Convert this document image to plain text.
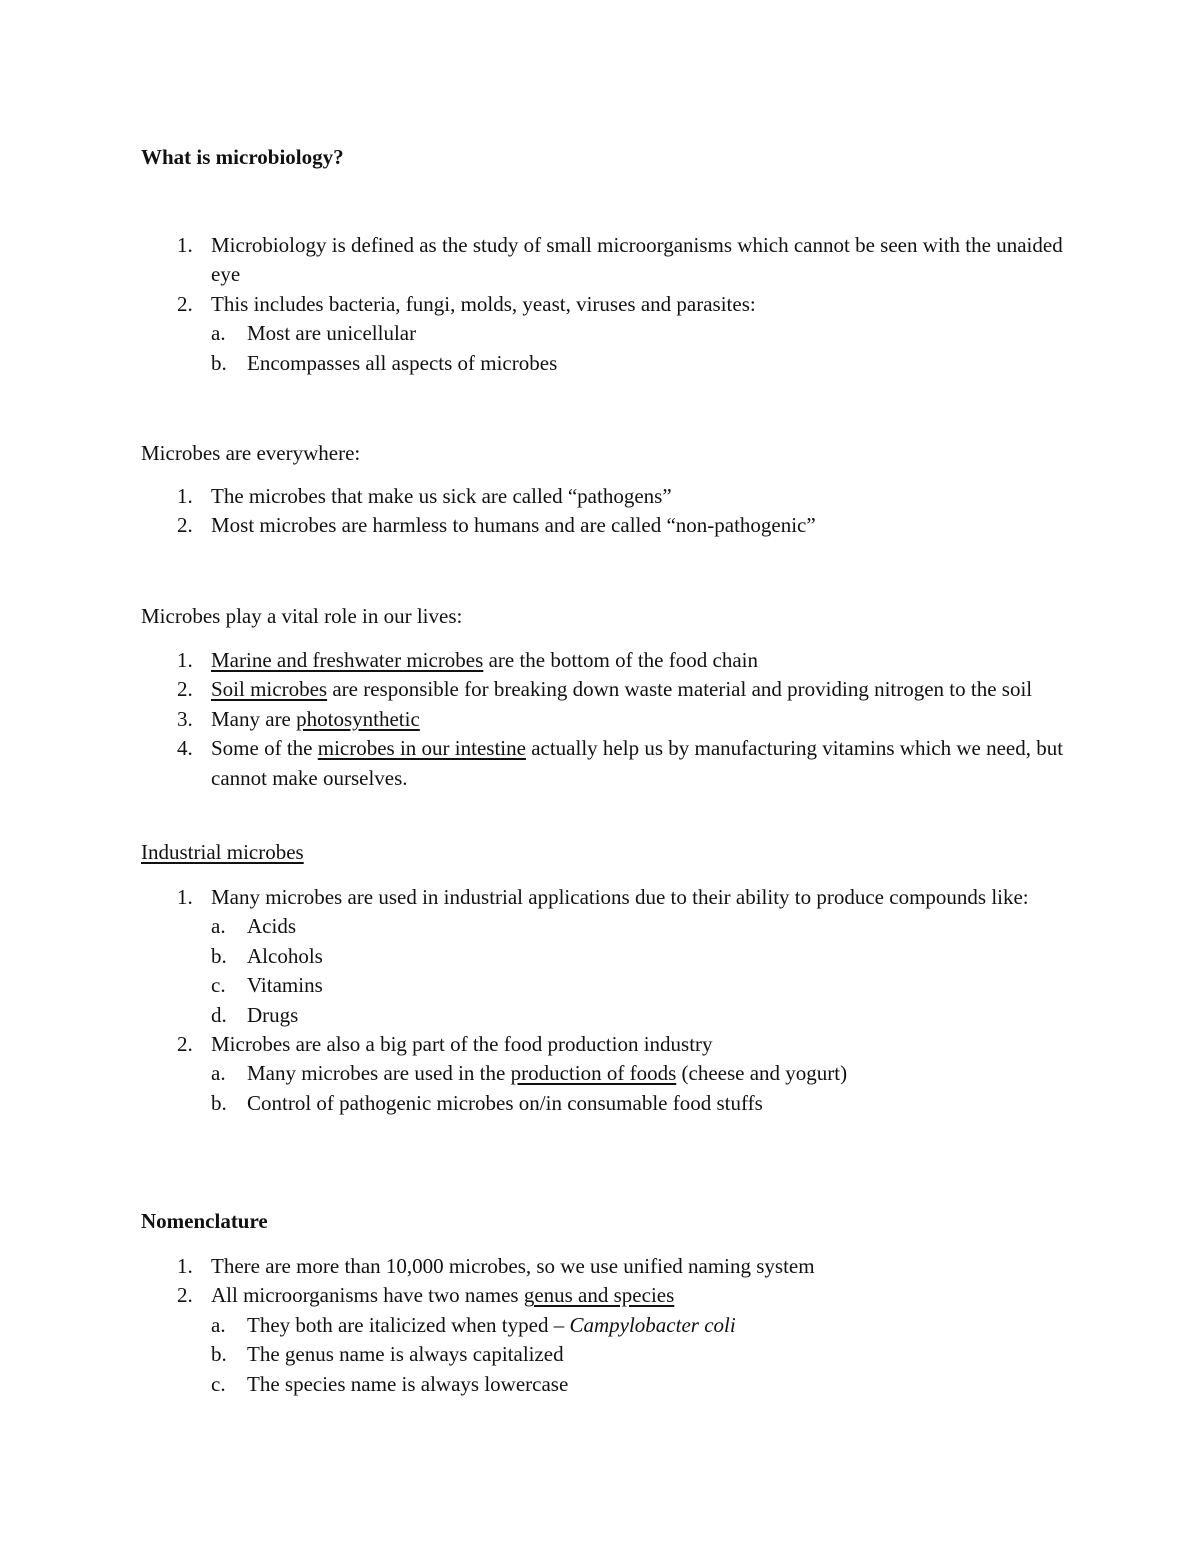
What is microbiology?
1. Microbiology is defined as the study of small microorganisms which cannot be seen with the unaided eye
2. This includes bacteria, fungi, molds, yeast, viruses and parasites:
a. Most are unicellular
b. Encompasses all aspects of microbes
Microbes are everywhere:
1. The microbes that make us sick are called “pathogens”
2. Most microbes are harmless to humans and are called “non-pathogenic”
Microbes play a vital role in our lives:
1. Marine and freshwater microbes are the bottom of the food chain
2. Soil microbes are responsible for breaking down waste material and providing nitrogen to the soil
3. Many are photosynthetic
4. Some of the microbes in our intestine actually help us by manufacturing vitamins which we need, but cannot make ourselves.
Industrial microbes
1. Many microbes are used in industrial applications due to their ability to produce compounds like:
a. Acids
b. Alcohols
c. Vitamins
d. Drugs
2. Microbes are also a big part of the food production industry
a. Many microbes are used in the production of foods (cheese and yogurt)
b. Control of pathogenic microbes on/in consumable food stuffs
Nomenclature
1. There are more than 10,000 microbes, so we use unified naming system
2. All microorganisms have two names genus and species
a. They both are italicized when typed – Campylobacter coli
b. The genus name is always capitalized
c. The species name is always lowercase
